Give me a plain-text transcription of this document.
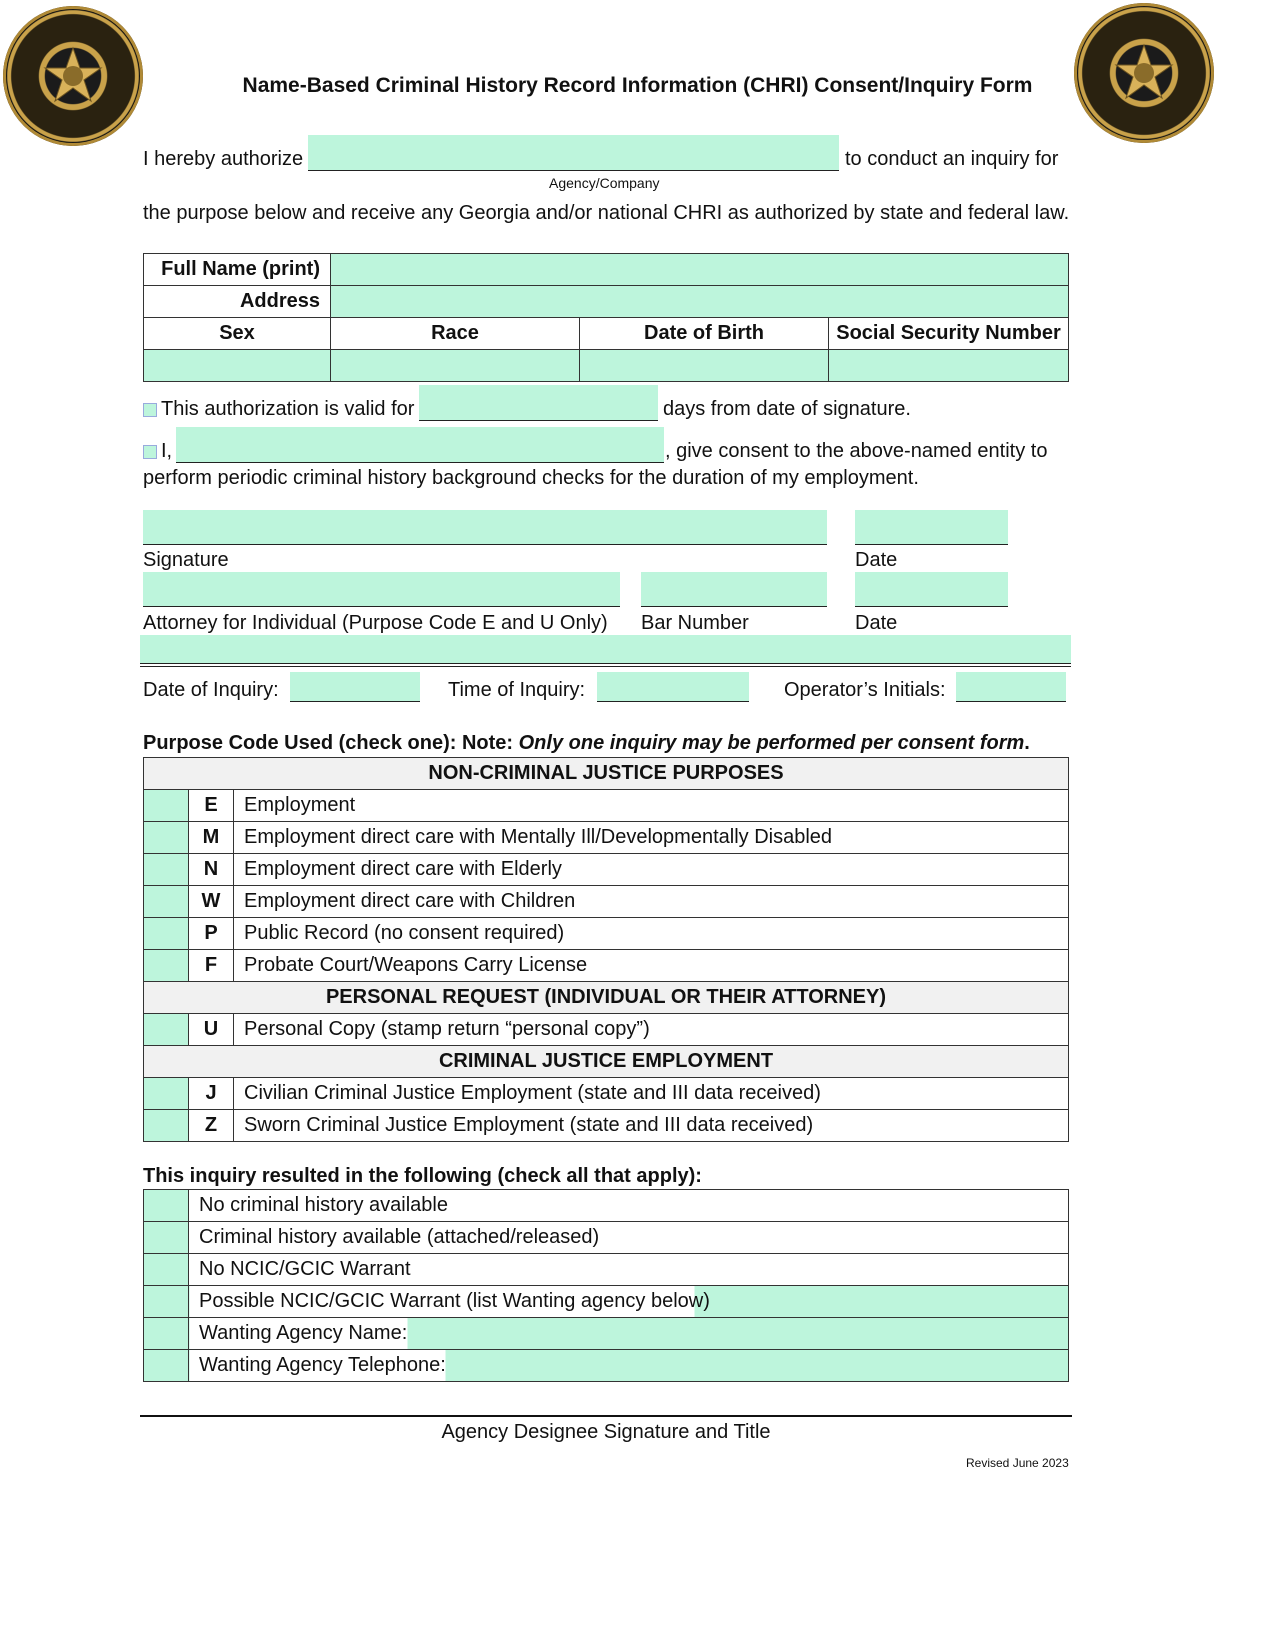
Name-Based Criminal History Record Information (CHRI) Consent/Inquiry Form
I hereby authorize	to conduct an inquiry for
Agency/Company
the purpose below and receive any Georgia and/or national CHRI as authorized by state and federal law.
Full Name (print)			
Address			
Sex	Race	Date of Birth	Social Security Number

This authorization is valid for	days from date of signature.
I,	, give consent to the above-named entity to
perform periodic criminal history background checks for the duration of my employment.
Signature	Date
Attorney for Individual (Purpose Code E and U Only) Bar Number	Date
Date of Inquiry:	Time of Inquiry:	Operator’s Initials:
Purpose Code Used (check one): Note: Only one inquiry may be performed per consent form.
NON-CRIMINAL JUSTICE PURPOSES		
	E	Employment
	M	Employment direct care with Mentally Ill/Developmentally Disabled
	N	Employment direct care with Elderly
	W	Employment direct care with Children
	P	Public Record (no consent required)
	F	Probate Court/Weapons Carry License
PERSONAL REQUEST (INDIVIDUAL OR THEIR ATTORNEY)		
	U	Personal Copy (stamp return “personal copy”)
CRIMINAL JUSTICE EMPLOYMENT		
	J	Civilian Criminal Justice Employment (state and III data received)
	Z	Sworn Criminal Justice Employment (state and III data received)
This inquiry resulted in the following (check all that apply):
	No criminal history available
	Criminal history available (attached/released)
	No NCIC/GCIC Warrant
	Possible NCIC/GCIC Warrant (list Wanting agency below)
	Wanting Agency Name:
	Wanting Agency Telephone:
Agency Designee Signature and Title
Revised June 2023
